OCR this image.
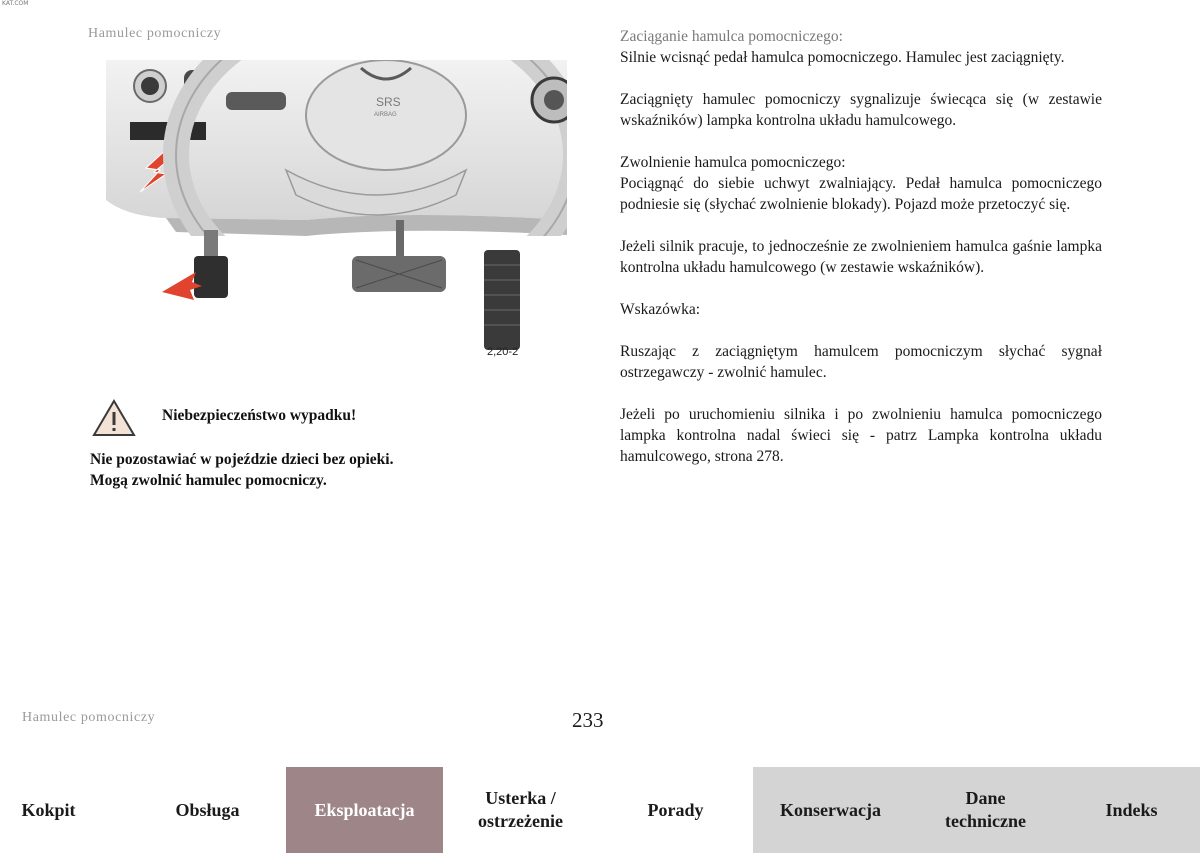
KAT.COM
Hamulec pomocniczy
SRS
AIRBAG
2,20-2
Niebezpieczeństwo wypadku!
Nie pozostawiać w pojeździe dzieci bez opieki.
Mogą zwolnić hamulec pomocniczy.

Zaciąganie hamulca pomocniczego:
Silnie wcisnąć pedał hamulca pomocniczego. Hamulec jest zaciągnięty.

Zaciągnięty hamulec pomocniczy sygnalizuje świecąca się (w zestawie wskaźników) lampka kontrolna układu hamulcowego.

Zwolnienie hamulca pomocniczego:
Pociągnąć do siebie uchwyt zwalniający. Pedał hamulca pomocniczego podniesie się (słychać zwolnienie blokady). Pojazd może przetoczyć się.

Jeżeli silnik pracuje, to jednocześnie ze zwolnieniem hamulca gaśnie lampka kontrolna układu hamulcowego (w zestawie wskaźników).

Wskazówka:

Ruszając z zaciągniętym hamulcem pomocniczym słychać sygnał ostrzegawczy - zwolnić hamulec.

Jeżeli po uruchomieniu silnika i po zwolnieniu hamulca pomocniczego lampka kontrolna nadal świeci się - patrz Lampka kontrolna układu hamulcowego, strona 278.

Hamulec pomocniczy	233
Kokpit	Obsługa	Eksploatacja
Usterka / ostrzeżenie
Porady	Konserwacja
Dane techniczne
Indeks
